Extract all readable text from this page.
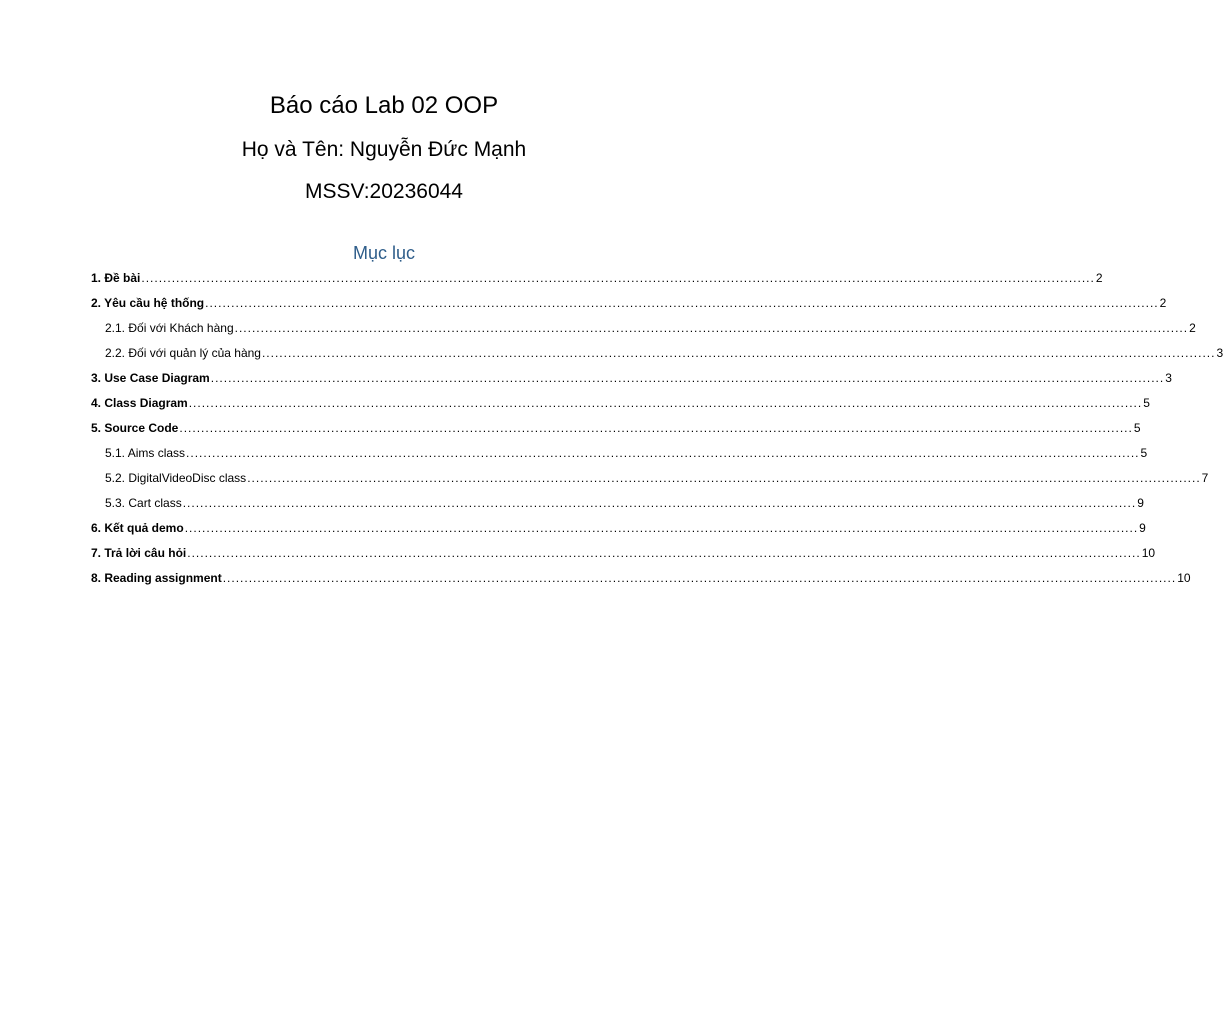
Báo cáo Lab 02 OOP
Họ và Tên: Nguyễn Đức Mạnh
MSSV:20236044
Mục lục
1. Đề bài ............................................................................................................................................................................................................................ 2
2. Yêu cầu hệ thống ............................................................................................................................................................................................................................ 2
2.1. Đối với Khách hàng ............................................................................................................................................................................................................................ 2
2.2. Đối với quản lý của hàng ............................................................................................................................................................................................................................ 3
3. Use Case Diagram ............................................................................................................................................................................................................................ 3
4. Class Diagram ............................................................................................................................................................................................................................ 5
5. Source Code ............................................................................................................................................................................................................................ 5
5.1. Aims class ............................................................................................................................................................................................................................ 5
5.2. DigitalVideoDisc class ............................................................................................................................................................................................................................ 7
5.3. Cart class ............................................................................................................................................................................................................................ 9
6. Kết quả demo ............................................................................................................................................................................................................................ 9
7. Trả lời câu hỏi ............................................................................................................................................................................................................................ 10
8. Reading assignment ............................................................................................................................................................................................................................ 10
